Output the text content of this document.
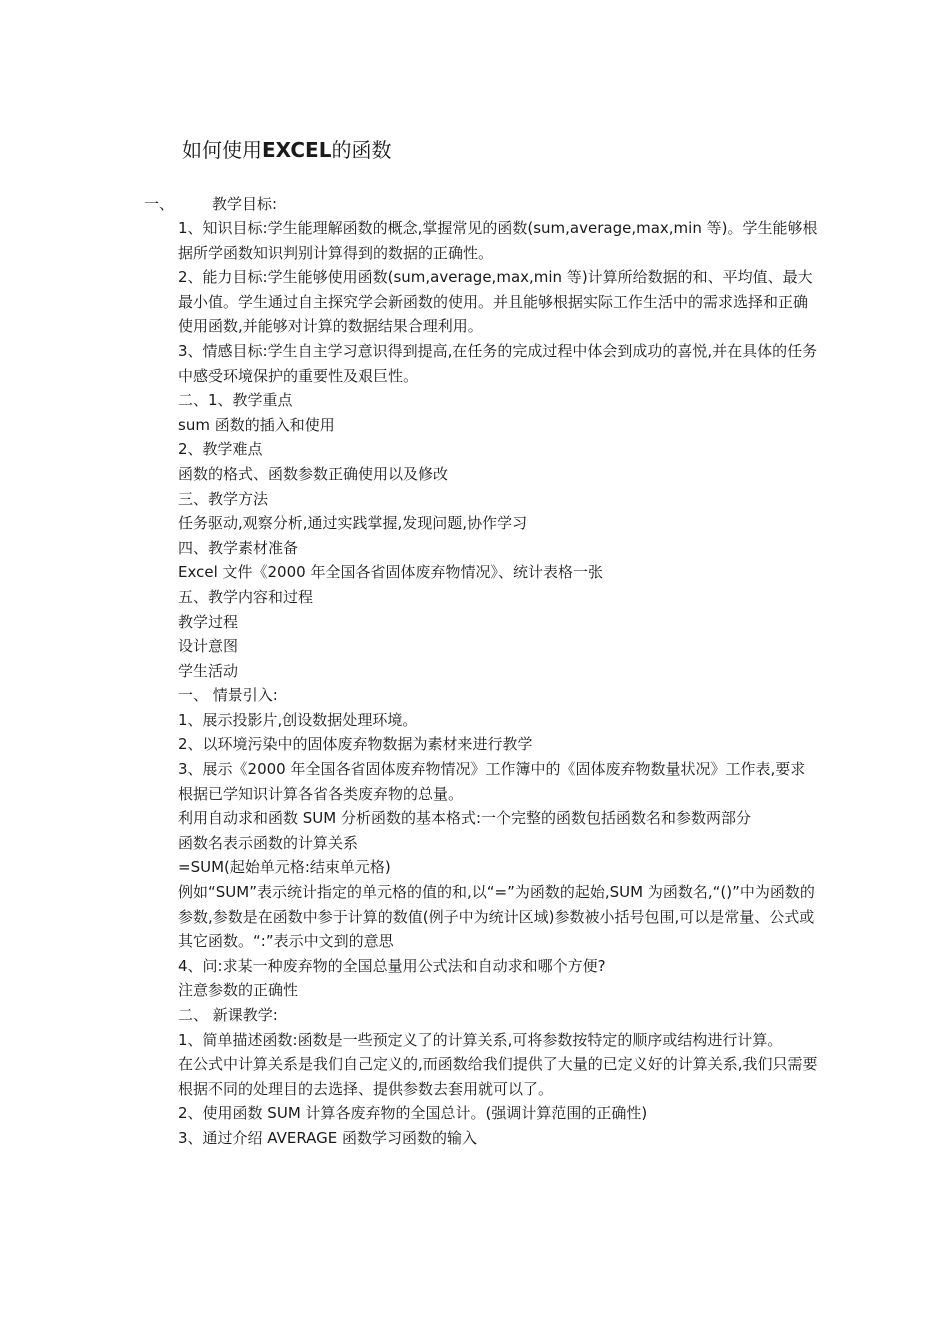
如何使用EXCEL的函数
一、	教学目标:

1、知识目标:学生能理解函数的概念,掌握常见的函数(sum,average,max,min 等)。学生能够根据所学函数知识判别计算得到的数据的正确性。

2、能力目标:学生能够使用函数(sum,average,max,min 等)计算所给数据的和、平均值、最大最小值。学生通过自主探究学会新函数的使用。并且能够根据实际工作生活中的需求选择和正确使用函数,并能够对计算的数据结果合理利用。

3、情感目标:学生自主学习意识得到提高,在任务的完成过程中体会到成功的喜悦,并在具体的任务中感受环境保护的重要性及艰巨性。

二、1、教学重点

sum 函数的插入和使用

2、教学难点

函数的格式、函数参数正确使用以及修改

三、教学方法

任务驱动,观察分析,通过实践掌握,发现问题,协作学习

四、教学素材准备

Excel 文件《2000 年全国各省固体废弃物情况》、统计表格一张

五、教学内容和过程

教学过程

设计意图

学生活动

一、 情景引入:

1、展示投影片,创设数据处理环境。

2、以环境污染中的固体废弃物数据为素材来进行教学

3、展示《2000 年全国各省固体废弃物情况》工作簿中的《固体废弃物数量状况》工作表,要求根据已学知识计算各省各类废弃物的总量。

利用自动求和函数 SUM 分析函数的基本格式:一个完整的函数包括函数名和参数两部分

函数名表示函数的计算关系

=SUM(起始单元格:结束单元格)

例如“SUM”表示统计指定的单元格的值的和,以“=”为函数的起始,SUM 为函数名,“()”中为函数的参数,参数是在函数中参于计算的数值(例子中为统计区域)参数被小括号包围,可以是常量、公式或其它函数。“:”表示中文到的意思

4、问:求某一种废弃物的全国总量用公式法和自动求和哪个方便?

注意参数的正确性

二、 新课教学:

1、简单描述函数:函数是一些预定义了的计算关系,可将参数按特定的顺序或结构进行计算。

在公式中计算关系是我们自己定义的,而函数给我们提供了大量的已定义好的计算关系,我们只需要根据不同的处理目的去选择、提供参数去套用就可以了。

2、使用函数 SUM 计算各废弃物的全国总计。(强调计算范围的正确性)

3、通过介绍 AVERAGE 函数学习函数的输入
